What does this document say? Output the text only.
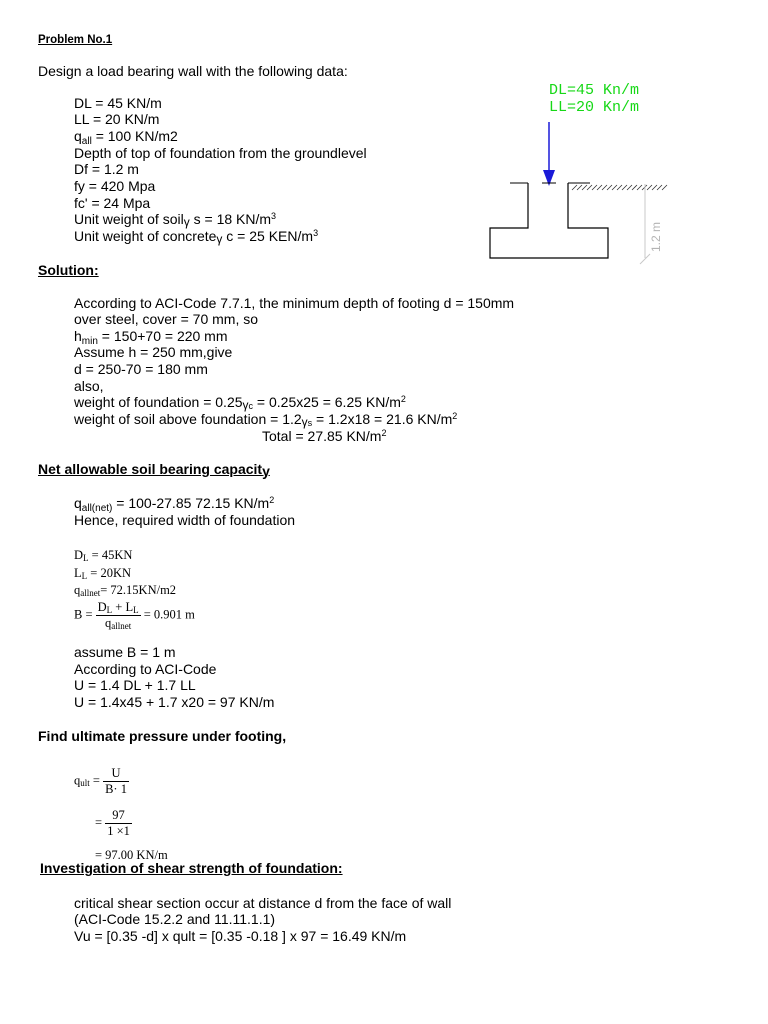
Problem No.1
Design a load bearing wall with the following data:
DL = 45 KN/m
LL = 20 KN/m
$q_{all} = 100$ KN/m2
Depth of top of foundation from the groundlevel
Df = 1.2 m
fy = 420 Mpa
fc' = 24 Mpa
Unit weight of soilγ s = 18 $KN/m^3$
Unit weight of concreteγ c = 25 KEN/$m^3$
DL=45 Kn/m
LL=20 Kn/m
1.2 m
Solution:
According to ACI-Code 7.7.1, the minimum depth of footing d = 150mm
over steel, cover = 70 mm, so
$h_{min} = 150+70 = 220$ mm
Assume h = 250 mm,give
d = 250-70 = 180 mm
also,
weight of foundation = 0.25γc = 0.25x25 = 6.25 $KN/m^2$
weight of soil above foundation = 1.2γs = 1.2x18 = 21.6 $KN/m^2$
Total = 27.85 $KN/m^2$
Net allowable soil bearing capacity
$q_{all(net)} = 100-27.85$ 72.15 $KN/m^2$
Hence, required width of foundation
DL = 45KN
LL = 20KN
qallnet= 72.15KN/m2
$B = \frac{DL + LL}{\text{qallnet}} = 0.901$ m
assume B = 1 m
According to ACI-Code
U = 1.4 DL + 1.7 LL
U = 1.4x45 + 1.7 x20 = 97 KN/m
Find ultimate pressure under footing,
qult = $\frac{U}{B\cdot 1}$
= $\frac{97}{1 \times 1}$
= 97.00 KN/m
Investigation of shear strength of foundation:
critical shear section occur at distance d from the face of wall
(ACI-Code 15.2.2 and 11.11.1.1)
Vu = [0.35 -d] x qult = [0.35 -0.18 ] x 97 = 16.49 KN/m
